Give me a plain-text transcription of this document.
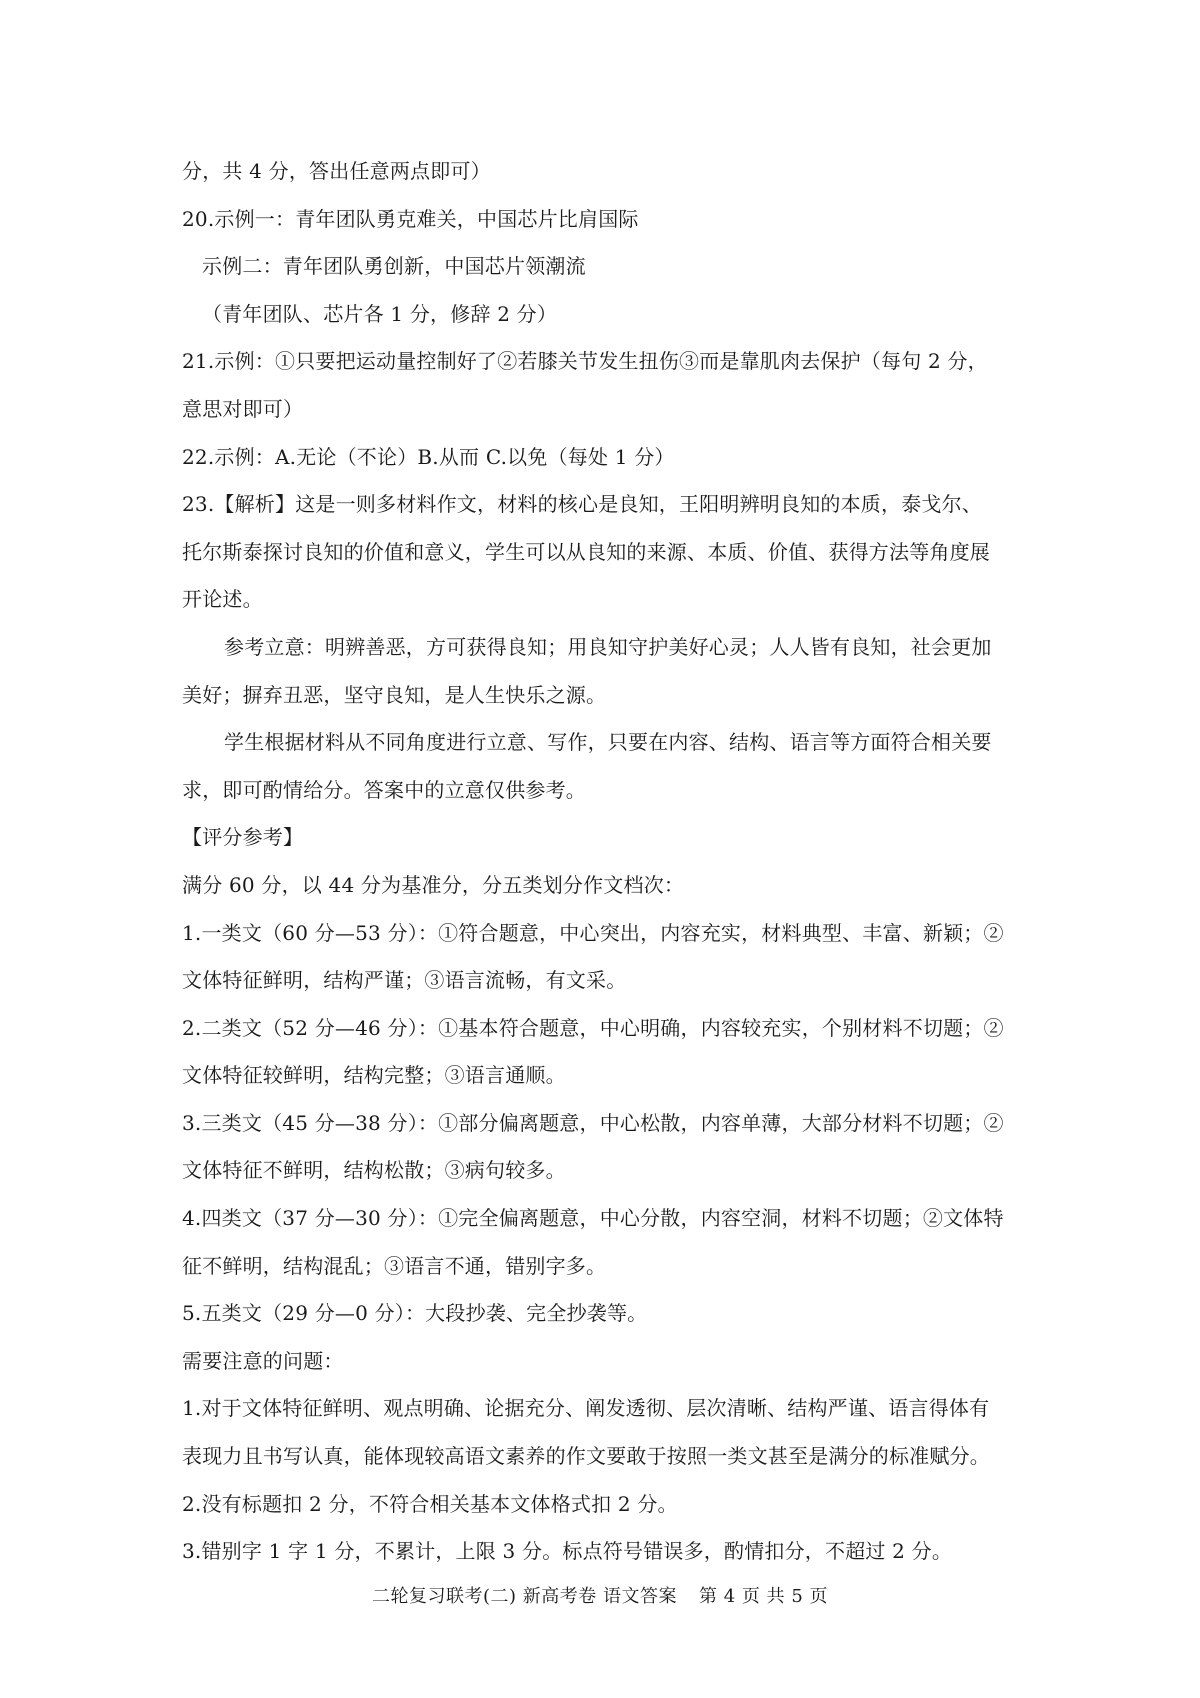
分，共 4 分，答出任意两点即可）
20.示例一：青年团队勇克难关，中国芯片比肩国际
示例二：青年团队勇创新，中国芯片领潮流
（青年团队、芯片各 1 分，修辞 2 分）
21.示例：①只要把运动量控制好了②若膝关节发生扭伤③而是靠肌肉去保护（每句 2 分，
意思对即可）
22.示例：A.无论（不论）B.从而 C.以免（每处 1 分）
23.【解析】这是一则多材料作文，材料的核心是良知，王阳明辨明良知的本质，泰戈尔、
托尔斯泰探讨良知的价值和意义，学生可以从良知的来源、本质、价值、获得方法等角度展
开论述。
参考立意：明辨善恶，方可获得良知；用良知守护美好心灵；人人皆有良知，社会更加
美好；摒弃丑恶，坚守良知，是人生快乐之源。
学生根据材料从不同角度进行立意、写作，只要在内容、结构、语言等方面符合相关要
求，即可酌情给分。答案中的立意仅供参考。
【评分参考】
满分 60 分，以 44 分为基准分，分五类划分作文档次：
1.一类文（60 分—53 分）：①符合题意，中心突出，内容充实，材料典型、丰富、新颖；②
文体特征鲜明，结构严谨；③语言流畅，有文采。
2.二类文（52 分—46 分）：①基本符合题意，中心明确，内容较充实，个别材料不切题；②
文体特征较鲜明，结构完整；③语言通顺。
3.三类文（45 分—38 分）：①部分偏离题意，中心松散，内容单薄，大部分材料不切题；②
文体特征不鲜明，结构松散；③病句较多。
4.四类文（37 分—30 分）：①完全偏离题意，中心分散，内容空洞，材料不切题；②文体特
征不鲜明，结构混乱；③语言不通，错别字多。
5.五类文（29 分—0 分）：大段抄袭、完全抄袭等。
需要注意的问题：
1.对于文体特征鲜明、观点明确、论据充分、阐发透彻、层次清晰、结构严谨、语言得体有
表现力且书写认真，能体现较高语文素养的作文要敢于按照一类文甚至是满分的标准赋分。
2.没有标题扣 2 分，不符合相关基本文体格式扣 2 分。
3.错别字 1 字 1 分，不累计，上限 3 分。标点符号错误多，酌情扣分，不超过 2 分。
二轮复习联考(二) 新高考卷 语文答案 第 4 页 共 5 页
